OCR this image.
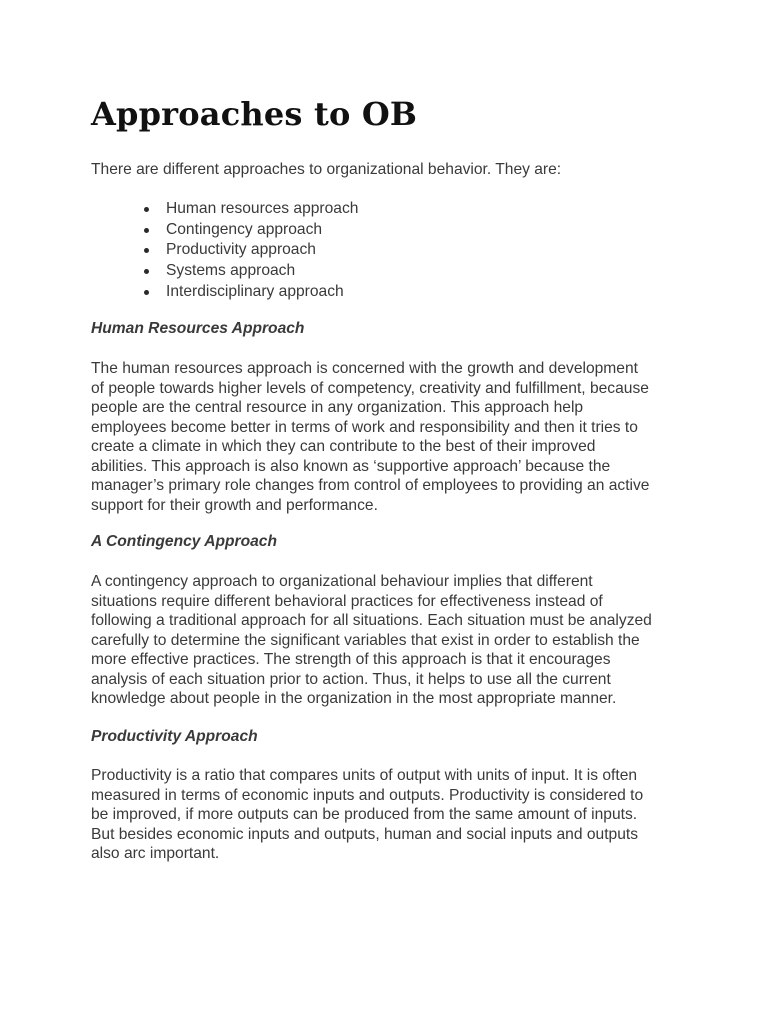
Approaches to OB

There are different approaches to organizational behavior. They are:

Human resources approach
Contingency approach
Productivity approach
Systems approach
Interdisciplinary approach
Human Resources Approach
The human resources approach is concerned with the growth and development
of people towards higher levels of competency, creativity and fulfillment, because
people are the central resource in any organization. This approach help
employees become better in terms of work and responsibility and then it tries to
create a climate in which they can contribute to the best of their improved
abilities. This approach is also known as ‘supportive approach’ because the
manager’s primary role changes from control of employees to providing an active
support for their growth and performance.
A Contingency Approach
A contingency approach to organizational behaviour implies that different
situations require different behavioral practices for effectiveness instead of
following a traditional approach for all situations. Each situation must be analyzed
carefully to determine the significant variables that exist in order to establish the
more effective practices. The strength of this approach is that it encourages
analysis of each situation prior to action. Thus, it helps to use all the current
knowledge about people in the organization in the most appropriate manner.
Productivity Approach
Productivity is a ratio that compares units of output with units of input. It is often
measured in terms of economic inputs and outputs. Productivity is considered to
be improved, if more outputs can be produced from the same amount of inputs.
But besides economic inputs and outputs, human and social inputs and outputs
also arc important.
